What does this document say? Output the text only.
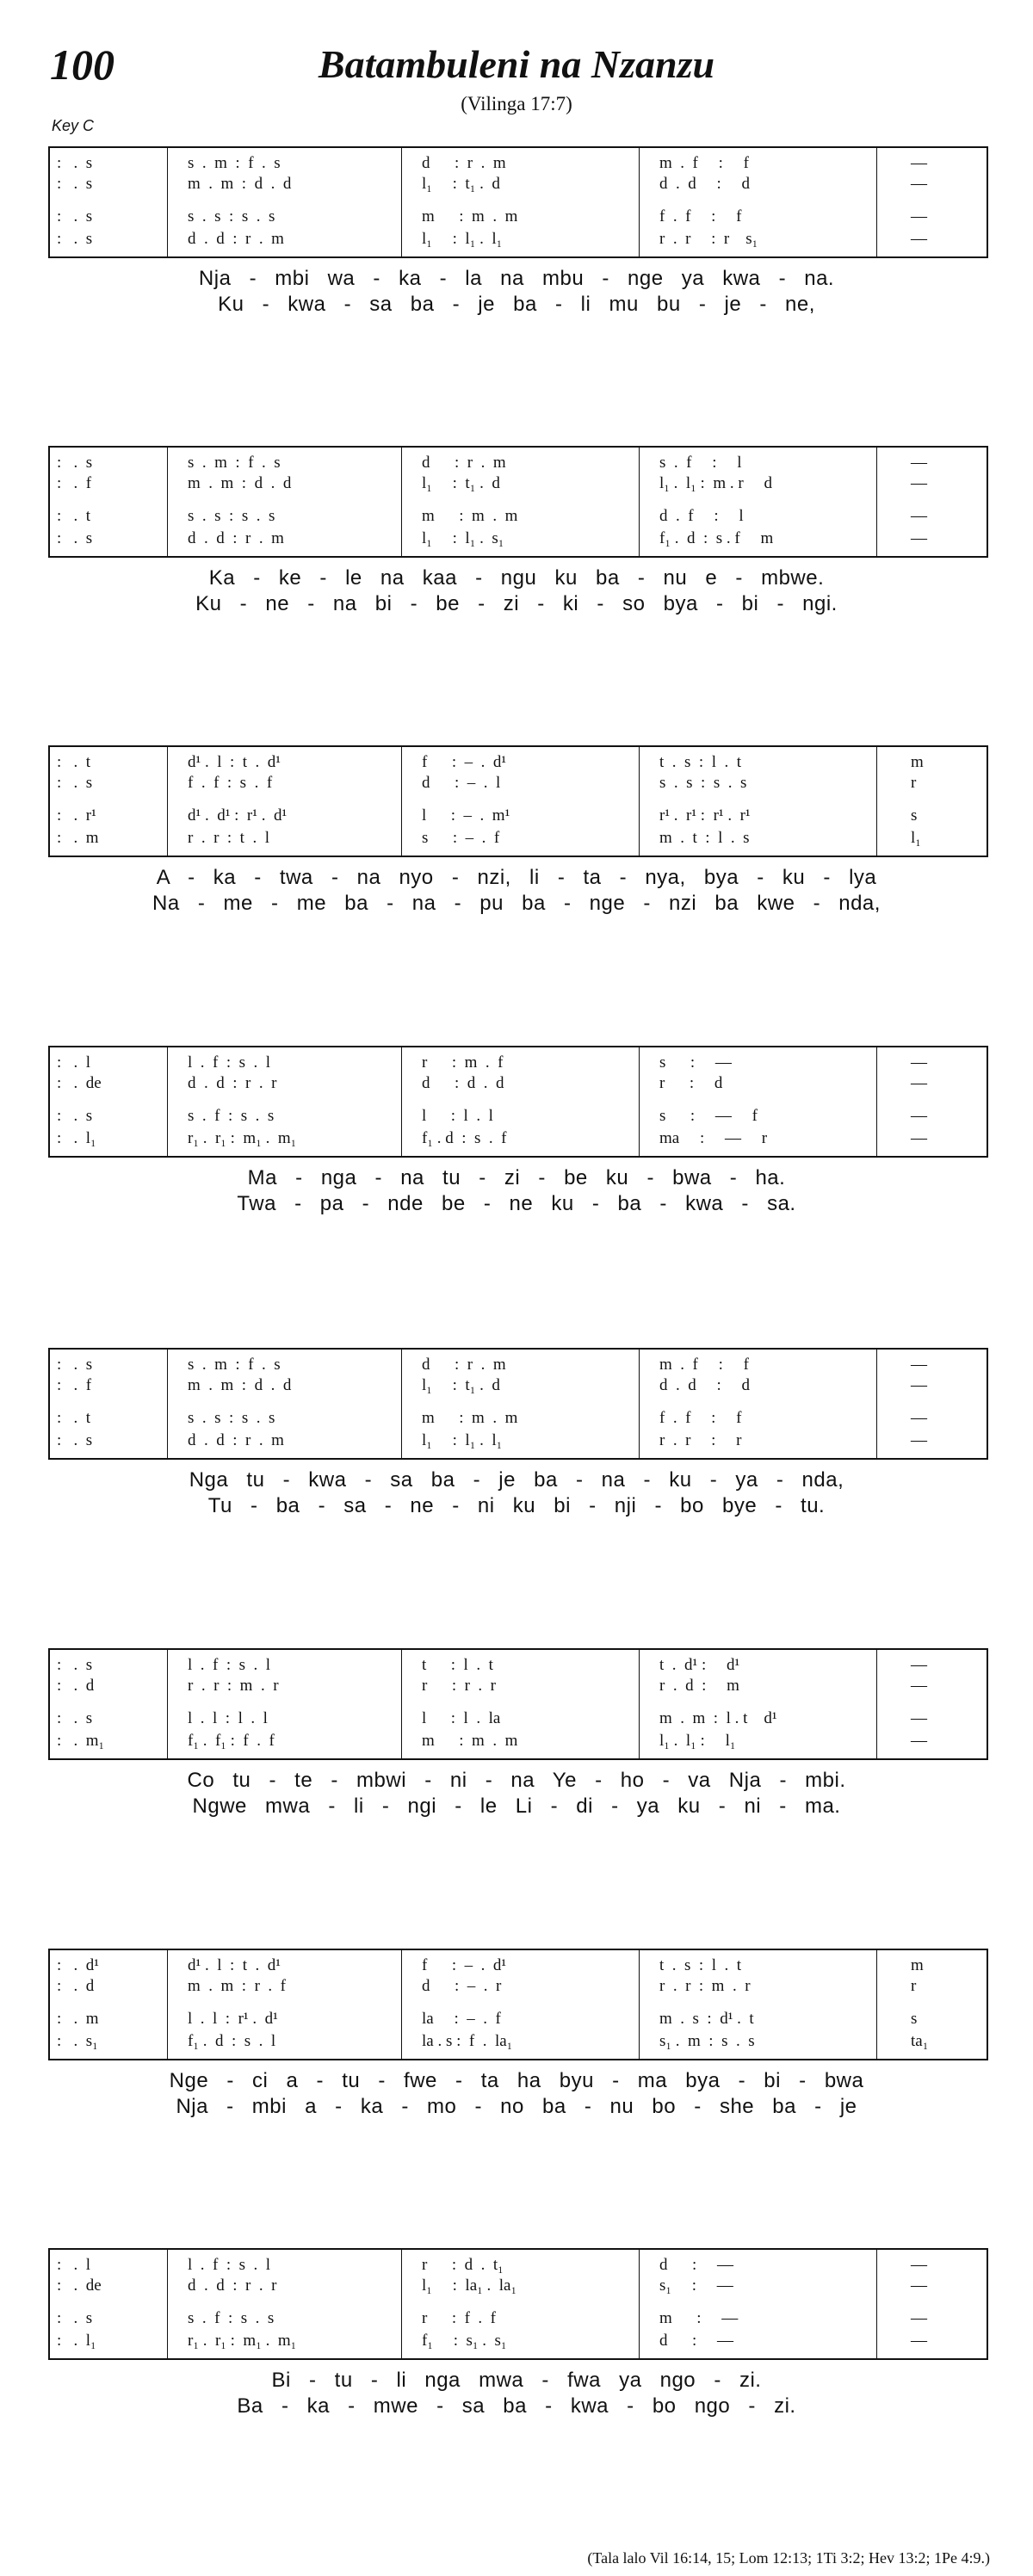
100	Batambuleni na Nzanzu
(Vilinga 17:7)
Key C
:   .  s	s  .  m  :  f  .  s	d      :  r  .  m	m  .  f     :     f	—
:   .  s	m  .  m  :  d  .  d	l₁     :  t₁ .  d	d  .  d     :     d	—
:   .  s	s  .  s  :  s  .  s	m      :  m  .  m	f  .  f     :     f	—
:   .  s	d  .  d  :  r  .  m	l₁     :  l₁ .  l₁	r  .  r     :  r    s₁	—
Nja - mbi wa - ka - la na mbu - nge ya kwa - na.
Ku - kwa - sa ba - je ba - li mu bu - je - ne,
:   .  s	s  .  m  :  f  .  s	d      :  r  .  m	s  .  f     :     l	—
:   .  f	m  .  m  :  d  .  d	l₁     :  t₁ .  d	l₁ .  l₁ :  m . r     d	—
:   .  t	s  .  s  :  s  .  s	m      :  m  .  m	d  .  f     :     l	—
:   .  s	d  .  d  :  r  .  m	l₁     :  l₁ .  s₁	f₁ .  d  :  s . f     m	—
Ka - ke - le na kaa - ngu ku ba - nu e - mbwe.
Ku - ne - na bi - be - zi - ki - so bya - bi - ngi.
:   .  t	d¹ .  l  :  t  .  d¹	f      :  –  .  d¹	t  .  s  :  l  .  t	m
:   .  s	f  .  f  :  s  .  f	d      :  –  .  l	s  .  s  :  s  .  s	r
:   .  r¹	d¹ .  d¹ :  r¹ .  d¹	l      :  –  .  m¹	r¹ .  r¹ :  r¹ .  r¹	s
:   .  m	r  .  r  :  t  .  l	s      :  –  .  f	m  .  t  :  l  .  s	l₁
A - ka - twa - na nyo - nzi, li - ta - nya, bya - ku - lya
Na - me - me ba - na - pu ba - nge - nzi ba kwe - nda,
:   .  l	l  .  f  :  s  .  l	r      :  m  .  f	s      :     —	—
:   .  de	d  .  d  :  r  .  r	d      :  d  .  d	r      :     d	—
:   .  s	s  .  f  :  s  .  s	l      :  l  .  l	s      :     —     f	—
:   .  l₁	r₁ .  r₁ :  m₁ .  m₁	f₁ . d  :  s  .  f	ma     :     —     r	—
Ma - nga - na tu - zi - be ku - bwa - ha.
Twa - pa - nde be - ne ku - ba - kwa - sa.
:   .  s	s  .  m  :  f  .  s	d      :  r  .  m	m  .  f     :     f	—
:   .  f	m  .  m  :  d  .  d	l₁     :  t₁ .  d	d  .  d     :     d	—
:   .  t	s  .  s  :  s  .  s	m      :  m  .  m	f  .  f     :     f	—
:   .  s	d  .  d  :  r  .  m	l₁     :  l₁ .  l₁	r  .  r     :     r	—
Nga tu - kwa - sa ba - je ba - na - ku - ya - nda,
Tu - ba - sa - ne - ni ku bi - nji - bo bye - tu.
:   .  s	l  .  f  :  s  .  l	t      :  l  .  t	t  .  d¹ :     d¹	—
:   .  d	r  .  r  :  m  .  r	r      :  r  .  r	r  .  d  :     m	—
:   .  s	l  .  l  :  l  .  l	l      :  l  .  la	m  .  m  :  l . t    d¹	—
:   .  m₁	f₁ .  f₁ :  f  .  f	m      :  m  .  m	l₁ .  l₁ :     l₁	—
Co tu - te - mbwi - ni - na Ye - ho - va Nja - mbi.
Ngwe mwa - li - ngi - le Li - di - ya ku - ni - ma.
:   .  d¹	d¹ .  l  :  t  .  d¹	f      :  –  .  d¹	t  .  s  :  l  .  t	m
:   .  d	m  .  m  :  r  .  f	d      :  –  .  r	r  .  r  :  m  .  r	r
:   .  m	l  .  l  :  r¹ .  d¹	la     :  –  .  f	m  .  s  :  d¹ .  t	s
:   .  s₁	f₁ .  d  :  s  .  l	la . s :  f  .  la₁	s₁ .  m  :  s  .  s	ta₁
Nge - ci a - tu - fwe - ta ha byu - ma bya - bi - bwa
Nja - mbi a - ka - mo - no ba - nu bo - she ba - je
:   .  l	l  .  f  :  s  .  l	r      :  d  .  t₁	d      :     —	—
:   .  de	d  .  d  :  r  .  r	l₁     :  la₁ .  la₁	s₁     :     —	—
:   .  s	s  .  f  :  s  .  s	r      :  f  .  f	m      :     —	—
:   .  l₁	r₁ .  r₁ :  m₁ .  m₁	f₁     :  s₁ .  s₁	d      :     —	—
Bi - tu - li nga mwa - fwa ya ngo - zi.
Ba - ka - mwe - sa ba - kwa - bo ngo - zi.
(Tala lalo Vil 16:14, 15; Lom 12:13; 1Ti 3:2; Hev 13:2; 1Pe 4:9.)
